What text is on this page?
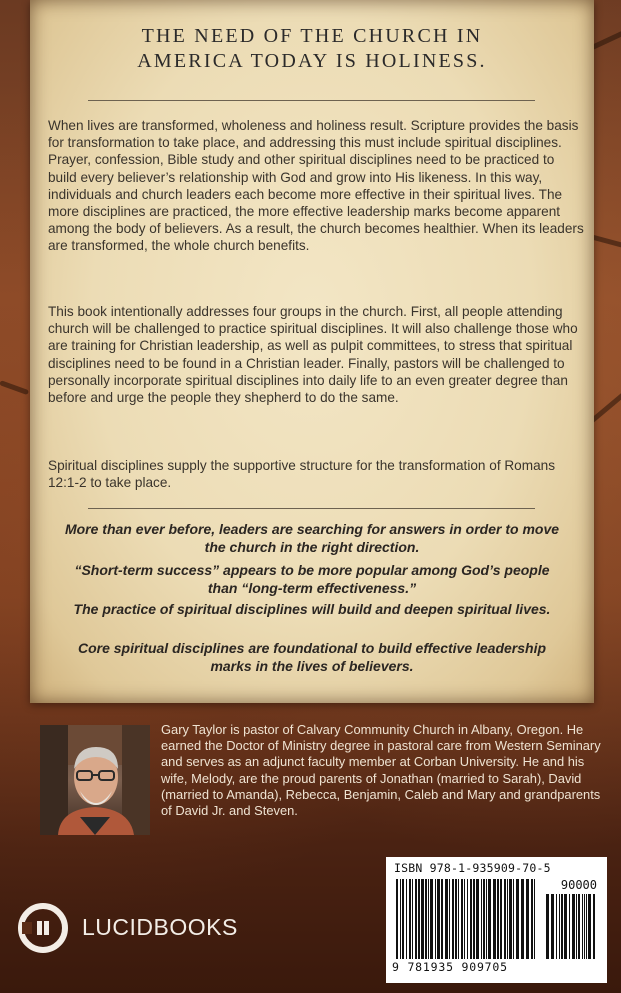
THE NEED OF THE CHURCH IN
AMERICA TODAY IS HOLINESS.

When lives are transformed, wholeness and holiness result. Scripture provides the basis for transformation to take place, and addressing this must include spiritual disciplines. Prayer, confession, Bible study and other spiritual disciplines need to be practiced to build every believer’s relationship with God and grow into His likeness. In this way, individuals and church leaders each become more effective in their spiritual lives. The more disciplines are practiced, the more effective leadership marks become apparent among the body of believers. As a result, the church becomes healthier. When its leaders are transformed, the whole church benefits.

This book intentionally addresses four groups in the church. First, all people attending church will be challenged to practice spiritual disciplines. It will also challenge those who are training for Christian leadership, as well as pulpit committees, to stress that spiritual disciplines need to be found in a Christian leader. Finally, pastors will be challenged to personally incorporate spiritual disciplines into daily life to an even greater degree than before and urge the people they shepherd to do the same.

Spiritual disciplines supply the supportive structure for the transformation of Romans 12:1-2 to take place.

More than ever before, leaders are searching for answers in order to move the church in the right direction.

“Short-term success” appears to be more popular among God’s people than “long-term effectiveness.”

The practice of spiritual disciplines will build and deepen spiritual lives.

Core spiritual disciplines are foundational to build effective leadership marks in the lives of believers.

Gary Taylor is pastor of Calvary Community Church in Albany, Oregon. He earned the Doctor of Ministry degree in pastoral care from Western Seminary and serves as an adjunct faculty member at Corban University. He and his wife, Melody, are the proud parents of Jonathan (married to Sarah), David (married to Amanda), Rebecca, Benjamin, Caleb and Mary and grandparents of David Jr. and Steven.

LUCIDBOOKS

ISBN 978-1-935909-70-5

90000

9 781935 909705
